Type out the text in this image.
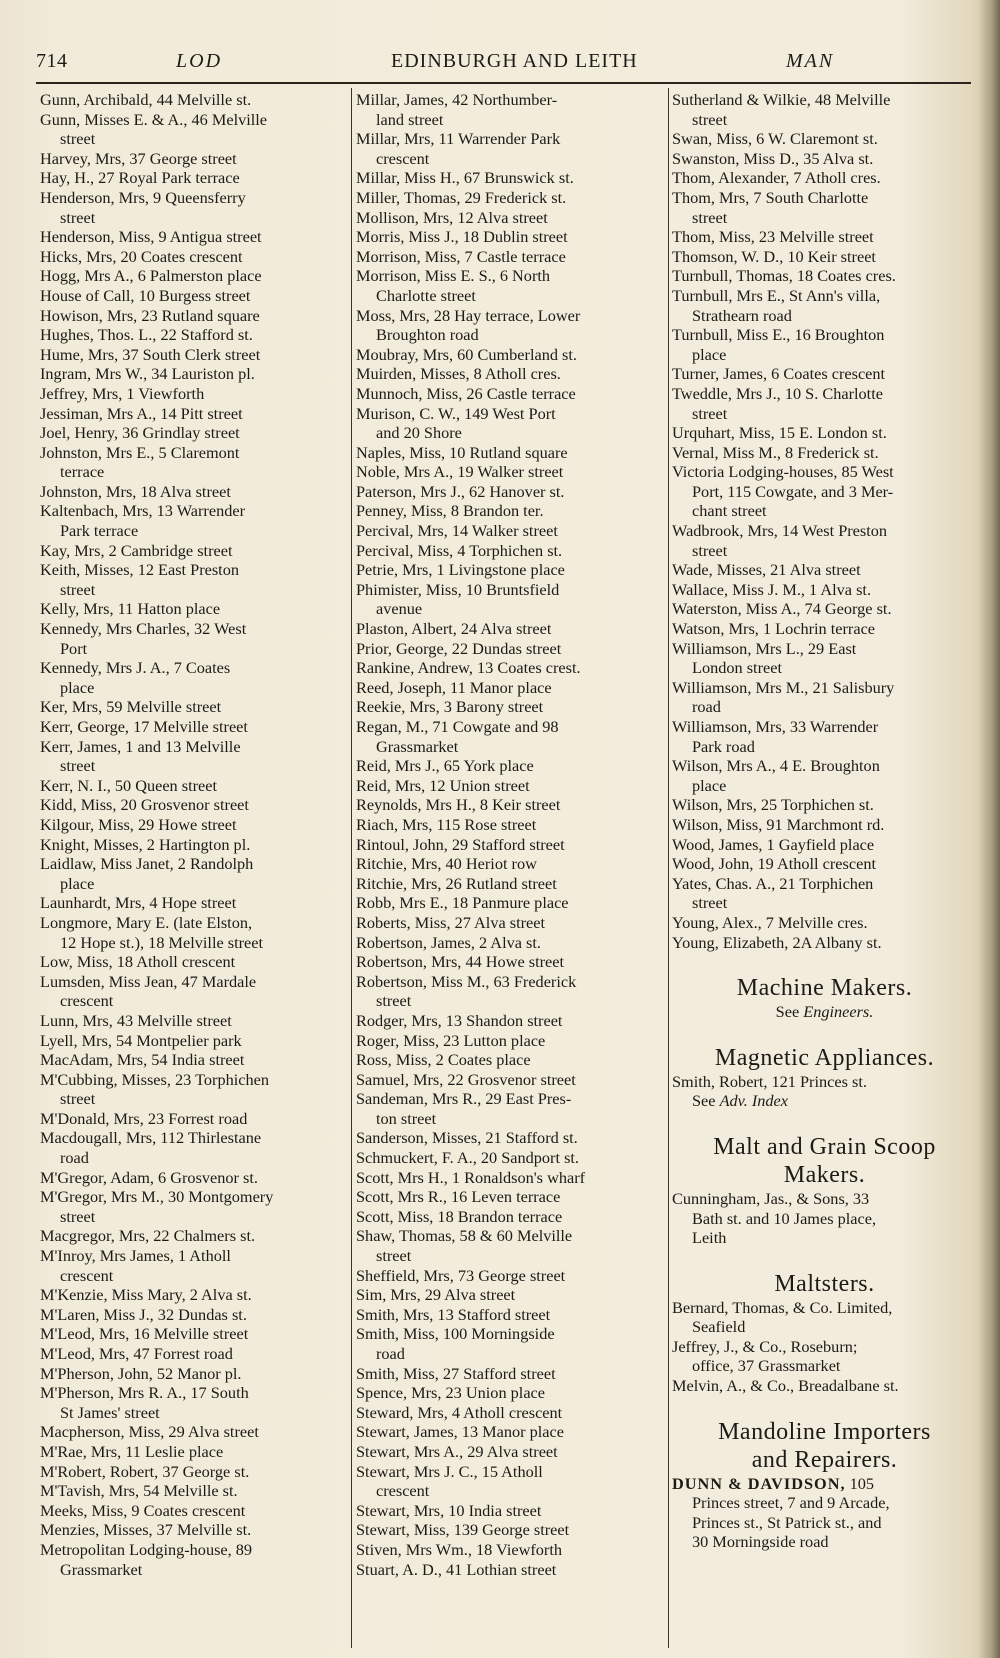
714	LOD	EDINBURGH AND LEITH	MAN
Gunn, Archibald, 44 Melville st.
Gunn, Misses E. & A., 46 Melville
street
Harvey, Mrs, 37 George street
Hay, H., 27 Royal Park terrace
Henderson, Mrs, 9 Queensferry
street
Henderson, Miss, 9 Antigua street
Hicks, Mrs, 20 Coates crescent
Hogg, Mrs A., 6 Palmerston place
House of Call, 10 Burgess street
Howison, Mrs, 23 Rutland square
Hughes, Thos. L., 22 Stafford st.
Hume, Mrs, 37 South Clerk street
Ingram, Mrs W., 34 Lauriston pl.
Jeffrey, Mrs, 1 Viewforth
Jessiman, Mrs A., 14 Pitt street
Joel, Henry, 36 Grindlay street
Johnston, Mrs E., 5 Claremont
terrace
Johnston, Mrs, 18 Alva street
Kaltenbach, Mrs, 13 Warrender
Park terrace
Kay, Mrs, 2 Cambridge street
Keith, Misses, 12 East Preston
street
Kelly, Mrs, 11 Hatton place
Kennedy, Mrs Charles, 32 West
Port
Kennedy, Mrs J. A., 7 Coates
place
Ker, Mrs, 59 Melville street
Kerr, George, 17 Melville street
Kerr, James, 1 and 13 Melville
street
Kerr, N. I., 50 Queen street
Kidd, Miss, 20 Grosvenor street
Kilgour, Miss, 29 Howe street
Knight, Misses, 2 Hartington pl.
Laidlaw, Miss Janet, 2 Randolph
place
Launhardt, Mrs, 4 Hope street
Longmore, Mary E. (late Elston,
12 Hope st.), 18 Melville street
Low, Miss, 18 Atholl crescent
Lumsden, Miss Jean, 47 Mardale
crescent
Lunn, Mrs, 43 Melville street
Lyell, Mrs, 54 Montpelier park
MacAdam, Mrs, 54 India street
M'Cubbing, Misses, 23 Torphichen
street
M'Donald, Mrs, 23 Forrest road
Macdougall, Mrs, 112 Thirlestane
road
M'Gregor, Adam, 6 Grosvenor st.
M'Gregor, Mrs M., 30 Montgomery
street
Macgregor, Mrs, 22 Chalmers st.
M'Inroy, Mrs James, 1 Atholl
crescent
M'Kenzie, Miss Mary, 2 Alva st.
M'Laren, Miss J., 32 Dundas st.
M'Leod, Mrs, 16 Melville street
M'Leod, Mrs, 47 Forrest road
M'Pherson, John, 52 Manor pl.
M'Pherson, Mrs R. A., 17 South
St James' street
Macpherson, Miss, 29 Alva street
M'Rae, Mrs, 11 Leslie place
M'Robert, Robert, 37 George st.
M'Tavish, Mrs, 54 Melville st.
Meeks, Miss, 9 Coates crescent
Menzies, Misses, 37 Melville st.
Metropolitan Lodging-house, 89
Grassmarket
Millar, James, 42 Northumber-
land street
Millar, Mrs, 11 Warrender Park
crescent
Millar, Miss H., 67 Brunswick st.
Miller, Thomas, 29 Frederick st.
Mollison, Mrs, 12 Alva street
Morris, Miss J., 18 Dublin street
Morrison, Miss, 7 Castle terrace
Morrison, Miss E. S., 6 North
Charlotte street
Moss, Mrs, 28 Hay terrace, Lower
Broughton road
Moubray, Mrs, 60 Cumberland st.
Muirden, Misses, 8 Atholl cres.
Munnoch, Miss, 26 Castle terrace
Murison, C. W., 149 West Port
and 20 Shore
Naples, Miss, 10 Rutland square
Noble, Mrs A., 19 Walker street
Paterson, Mrs J., 62 Hanover st.
Penney, Miss, 8 Brandon ter.
Percival, Mrs, 14 Walker street
Percival, Miss, 4 Torphichen st.
Petrie, Mrs, 1 Livingstone place
Phimister, Miss, 10 Bruntsfield
avenue
Plaston, Albert, 24 Alva street
Prior, George, 22 Dundas street
Rankine, Andrew, 13 Coates crest.
Reed, Joseph, 11 Manor place
Reekie, Mrs, 3 Barony street
Regan, M., 71 Cowgate and 98
Grassmarket
Reid, Mrs J., 65 York place
Reid, Mrs, 12 Union street
Reynolds, Mrs H., 8 Keir street
Riach, Mrs, 115 Rose street
Rintoul, John, 29 Stafford street
Ritchie, Mrs, 40 Heriot row
Ritchie, Mrs, 26 Rutland street
Robb, Mrs E., 18 Panmure place
Roberts, Miss, 27 Alva street
Robertson, James, 2 Alva st.
Robertson, Mrs, 44 Howe street
Robertson, Miss M., 63 Frederick
street
Rodger, Mrs, 13 Shandon street
Roger, Miss, 23 Lutton place
Ross, Miss, 2 Coates place
Samuel, Mrs, 22 Grosvenor street
Sandeman, Mrs R., 29 East Pres-
ton street
Sanderson, Misses, 21 Stafford st.
Schmuckert, F. A., 20 Sandport st.
Scott, Mrs H., 1 Ronaldson's wharf
Scott, Mrs R., 16 Leven terrace
Scott, Miss, 18 Brandon terrace
Shaw, Thomas, 58 & 60 Melville
street
Sheffield, Mrs, 73 George street
Sim, Mrs, 29 Alva street
Smith, Mrs, 13 Stafford street
Smith, Miss, 100 Morningside
road
Smith, Miss, 27 Stafford street
Spence, Mrs, 23 Union place
Steward, Mrs, 4 Atholl crescent
Stewart, James, 13 Manor place
Stewart, Mrs A., 29 Alva street
Stewart, Mrs J. C., 15 Atholl
crescent
Stewart, Mrs, 10 India street
Stewart, Miss, 139 George street
Stiven, Mrs Wm., 18 Viewforth
Stuart, A. D., 41 Lothian street
Sutherland & Wilkie, 48 Melville
street
Swan, Miss, 6 W. Claremont st.
Swanston, Miss D., 35 Alva st.
Thom, Alexander, 7 Atholl cres.
Thom, Mrs, 7 South Charlotte
street
Thom, Miss, 23 Melville street
Thomson, W. D., 10 Keir street
Turnbull, Thomas, 18 Coates cres.
Turnbull, Mrs E., St Ann's villa,
Strathearn road
Turnbull, Miss E., 16 Broughton
place
Turner, James, 6 Coates crescent
Tweddle, Mrs J., 10 S. Charlotte
street
Urquhart, Miss, 15 E. London st.
Vernal, Miss M., 8 Frederick st.
Victoria Lodging-houses, 85 West
Port, 115 Cowgate, and 3 Mer-
chant street
Wadbrook, Mrs, 14 West Preston
street
Wade, Misses, 21 Alva street
Wallace, Miss J. M., 1 Alva st.
Waterston, Miss A., 74 George st.
Watson, Mrs, 1 Lochrin terrace
Williamson, Mrs L., 29 East
London street
Williamson, Mrs M., 21 Salisbury
road
Williamson, Mrs, 33 Warrender
Park road
Wilson, Mrs A., 4 E. Broughton
place
Wilson, Mrs, 25 Torphichen st.
Wilson, Miss, 91 Marchmont rd.
Wood, James, 1 Gayfield place
Wood, John, 19 Atholl crescent
Yates, Chas. A., 21 Torphichen
street
Young, Alex., 7 Melville cres.
Young, Elizabeth, 2A Albany st.
Machine Makers.
See Engineers.
Magnetic Appliances.
Smith, Robert, 121 Princes st.
See Adv. Index
Malt and Grain Scoop
Makers.
Cunningham, Jas., & Sons, 33
Bath st. and 10 James place,
Leith
Maltsters.
Bernard, Thomas, & Co. Limited,
Seafield
Jeffrey, J., & Co., Roseburn;
office, 37 Grassmarket
Melvin, A., & Co., Breadalbane st.
Mandoline Importers
and Repairers.
DUNN & DAVIDSON, 105
Princes street, 7 and 9 Arcade,
Princes st., St Patrick st., and
30 Morningside road
